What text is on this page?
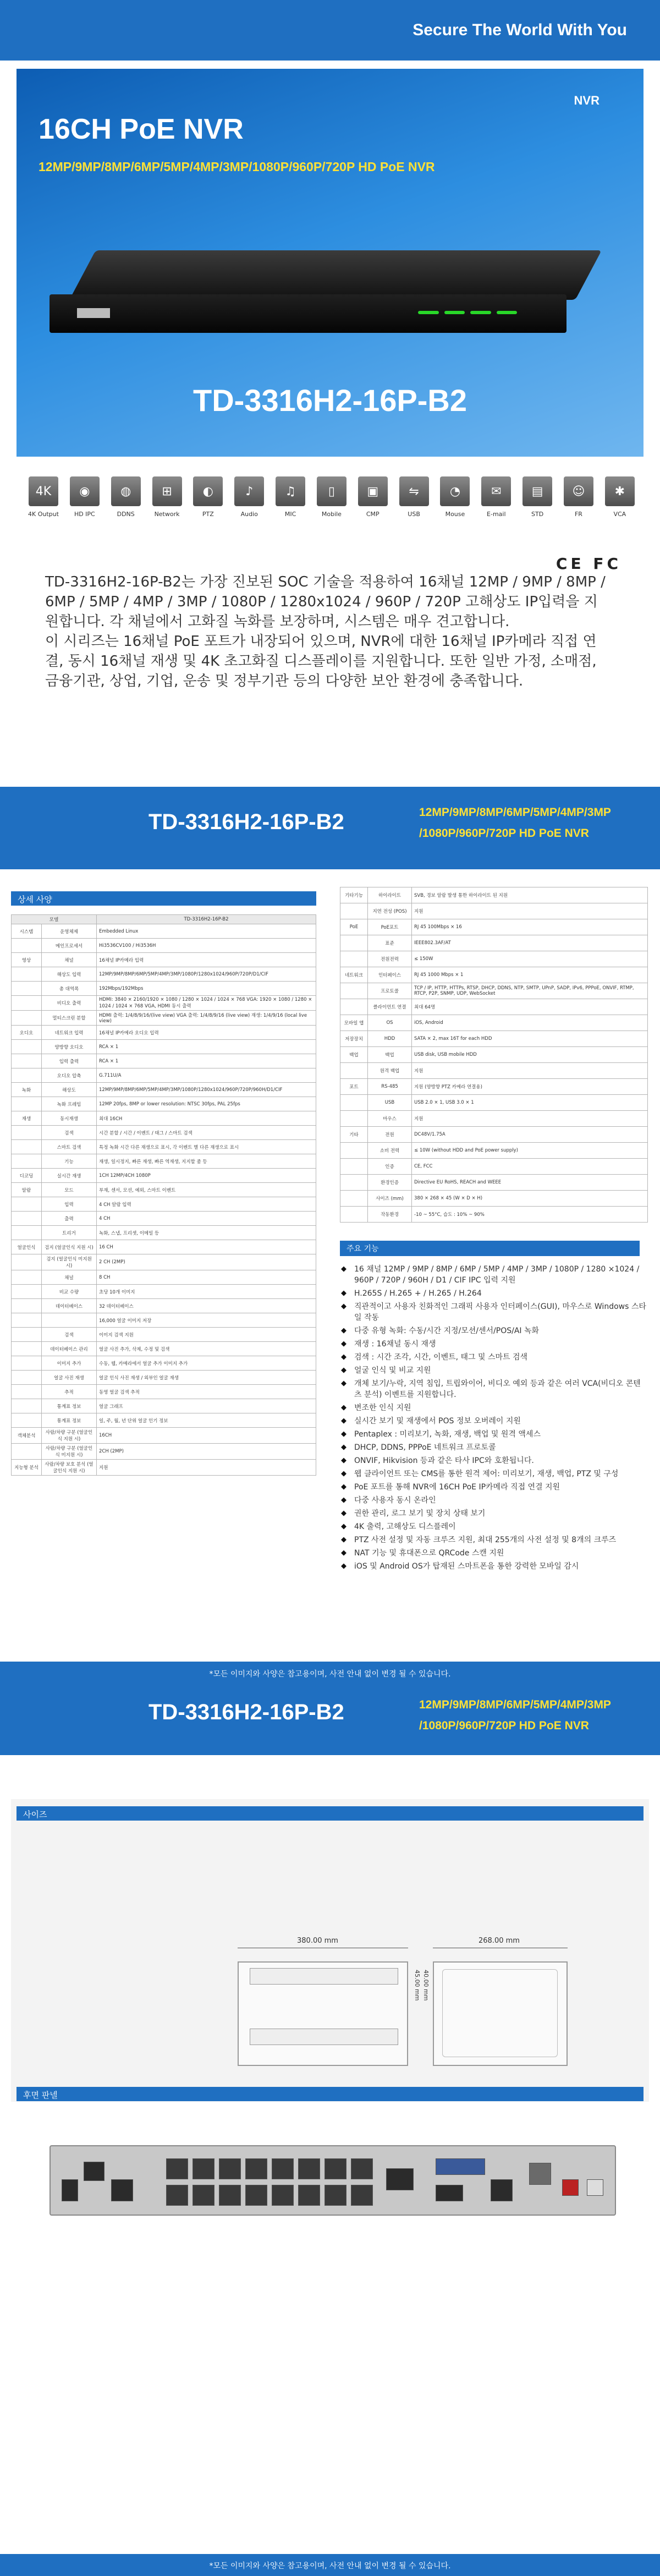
Secure The World With You
NVR
16CH PoE NVR
12MP/9MP/8MP/6MP/5MP/4MP/3MP/1080P/960P/720P HD PoE NVR
TD-3316H2-16P-B2
4K
4K Output
◉
HD IPC
◍
DDNS
⊞
Network
◐
PTZ
♪
Audio
♫
MIC
▯
Mobile
▣
CMP
⇋
USB
◔
Mouse
✉
E-mail
▤
STD
☺
FR
✱
VCA
CE FC

TD-3316H2-16P-B2는 가장 진보된 SOC 기술을 적용하여 16채널 12MP / 9MP / 8MP / 6MP / 5MP / 4MP / 3MP / 1080P / 1280x1024 / 960P / 720P 고해상도 IP입력을 지원합니다. 각 채널에서 고화질 녹화를 보장하며, 시스템은 매우 견고합니다.

이 시리즈는 16채널 PoE 포트가 내장되어 있으며, NVR에 대한 16채널 IP카메라 직접 연결, 동시 16채널 재생 및 4K 초고화질 디스플레이를 지원합니다. 또한 일반 가정, 소매점, 금융기관, 상업, 기업, 운송 및 정부기관 등의 다양한 보안 환경에 충족합니다.

TD-3316H2-16P-B2	12MP/9MP/8MP/6MP/5MP/4MP/3MP
/1080P/960P/720P HD PoE NVR
상세 사양
모델		TD-3316H2-16P-B2
시스템	운영체제	Embedded Linux
	메인프로세서	Hi3536CV100 / Hi3536H
영상	채널	16채널 IP카메라 입력
	해상도 입력	12MP/9MP/8MP/6MP/5MP/4MP/3MP/1080P/1280x1024/960P/720P/D1/CIF
	총 대역폭	192Mbps/192Mbps
	비디오 출력	HDMI: 3840 × 2160/1920 × 1080 / 1280 × 1024 / 1024 × 768 VGA: 1920 × 1080 / 1280 × 1024 / 1024 × 768 VGA, HDMI 동시 출력
	멀티스크린 분할	HDMI 출력: 1/4/8/9/16/(live view) VGA 출력: 1/4/8/9/16 (live view) 재생: 1/4/9/16 (local live view)
오디오	네트워크 입력	16채널 IP카메라 오디오 입력
	양방향 오디오	RCA × 1
	입력 출력	RCA × 1
	오디오 압축	G.711U/A
녹화	해상도	12MP/9MP/8MP/6MP/5MP/4MP/3MP/1080P/1280x1024/960P/720P/960H/D1/CIF
	녹화 프레임	12MP 20fps, 8MP or lower resolution: NTSC 30fps, PAL 25fps
재생	동시재생	최대 16CH
	검색	시간 분할 / 시간 / 이벤트 / 태그 / 스마트 검색
	스마트 검색	특정 녹화 시간 다른 재생으로 표시, 각 이벤트 별 다른 재생으로 표시
	기능	재생, 일시정지, 빠른 재생, 빠른 역재생, 지지할 줌 등
디코딩	실시간 재생	1CH 12MP/4CH 1080P
알람	모드	부재, 센서, 모션, 예외, 스마트 이벤트
	입력	4 CH 알람 입력
	출력	4 CH
	트리거	녹화, 스냅, 프리셋, 이메일 등
얼굴인식	검지 (얼굴인식 지원 시)	16 CH
	검지 (얼굴인식 미지원 시)	2 CH (2MP)
	채널	8 CH
	비교 수량	초당 10개 이미지
	데이터베이스	32 데이터베이스
		16,000 얼굴 이미지 저장
	검색	이미지 검색 지원
	데이터베이스 관리	얼굴 사진 추가, 삭제, 수정 및 검색
	이미지 추가	수동, 웹, 카메라에서 얼굴 추가 이미지 추가
	얼굴 사진 재생	얼굴 인식 사진 재생 / 외부인 얼굴 재생
	추적	동영 얼굴 검색 추적
	통계표 정보	얼굴 그래프
	통계표 정보	일, 주, 월, 년 단위 얼굴 인기 정보
객체분석	사람/차량 구분 (얼굴인식 지원 시)	16CH
	사람/차량 구분 (얼굴인식 미지원 시)	2CH (2MP)
지능형 분석	사람/차량 보호 분석 (얼굴인식 지원 시)	지원
기타기능	하이라이트	SVB, 경보 알람 발생 통한 하이라이트 된 지원
	지연 전성 (POS)	지원
PoE	PoE포트	RJ 45 100Mbps × 16
	표준	IEEE802.3AF/AT
	전원전력	≤ 150W
네트워크	인터페이스	RJ 45 1000 Mbps × 1
	프로토콜	TCP / IP, HTTP, HTTPs, RTSP, DHCP, DDNS, NTP, SMTP, UPnP, SADP, IPv6, PPPoE, ONVIF, RTMP, RTCP, P2P, SNMP, UDP, WebSocket
	클라이언트 연결	최대 64명
모바일 앱	OS	iOS, Android
저장장치	HDD	SATA × 2, max 16T for each HDD
백업	백업	USB disk, USB mobile HDD
	원격 백업	지원
포트	RS-485	지원 (양방향 PTZ 카메라 연결용)
	USB	USB 2.0 × 1, USB 3.0 × 1
	마우스	지원
기타	전원	DC48V/1.75A
	소비 전력	≤ 10W (without HDD and PoE power supply)
	인증	CE, FCC
	환경인증	Directive EU RoHS, REACH and WEEE
	사이즈 (mm)	380 × 268 × 45 (W × D × H)
	작동환경	-10 ~ 55°C, 습도 : 10% ~ 90%
주요 기능
◆ 16 채널 12MP / 9MP / 8MP / 6MP / 5MP / 4MP / 3MP / 1080P / 1280 ×1024 / 960P / 720P / 960H / D1 / CIF IPC 입력 지원
◆ H.265S / H.265 + / H.265 / H.264
◆ 직관적이고 사용자 친화적인 그래픽 사용자 인터페이스(GUI), 마우스로 Windows 스타일 작동
◆ 다중 유형 녹화: 수동/시간 지정/모션/센서/POS/AI 녹화
◆ 재생 : 16채널 동시 재생
◆ 검색 : 시간 조각, 시간, 이벤트, 태그 및 스마트 검색
◆ 얼굴 인식 및 비교 지원
◆ 개체 보기/누락, 지역 침입, 트립와이어, 비디오 예외 등과 같은 여러 VCA(비디오 콘텐츠 분석) 이벤트를 지원합니다.
◆ 변조한 인식 지원
◆ 실시간 보기 및 재생에서 POS 정보 오버레이 지원
◆ Pentaplex : 미리보기, 녹화, 재생, 백업 및 원격 액세스
◆ DHCP, DDNS, PPPoE 네트워크 프로토콜
◆ ONVIF, Hikvision 등과 같은 타사 IPC와 호환됩니다.
◆ 웹 클라이언트 또는 CMS를 통한 원격 제어: 미리보기, 재생, 백업, PTZ 및 구성
◆ PoE 포트를 통해 NVR에 16CH PoE IP카메라 직접 연결 지원
◆ 다중 사용자 동시 온라인
◆ 권한 관리, 로그 보기 및 장치 상태 보기
◆ 4K 출력, 고해상도 디스플레이
◆ PTZ 사전 설정 및 자동 크루즈 지원, 최대 255개의 사전 설정 및 8개의 크루즈
◆ NAT 기능 및 휴대폰으로 QRCode 스캔 지원
◆ iOS 및 Android OS가 탑재된 스마트폰을 통한 강력한 모바일 감시
*모든 이미지와 사양은 참고용이며, 사전 안내 없이 변경 될 수 있습니다.
TD-3316H2-16P-B2	12MP/9MP/8MP/6MP/5MP/4MP/3MP
/1080P/960P/720P HD PoE NVR
사이즈
380.00 mm	268.00 mm
45.00 mm 40.00 mm
후면 판넬
*모든 이미지와 사양은 참고용이며, 사전 안내 없이 변경 될 수 있습니다.
